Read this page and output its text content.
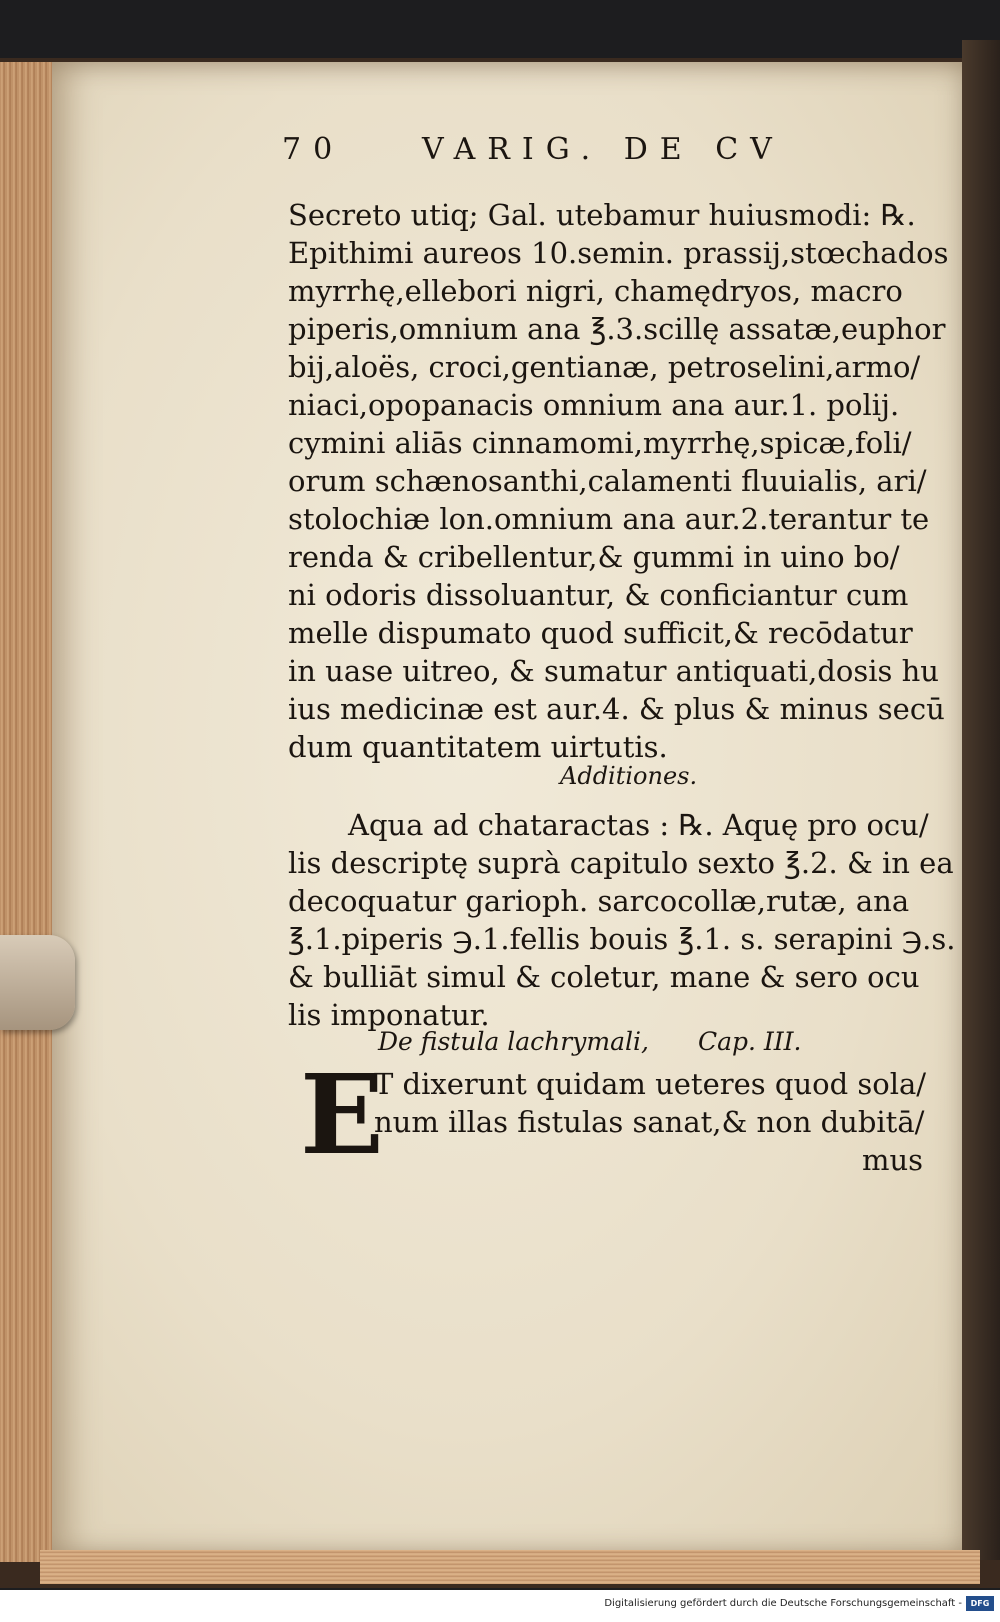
70	VARIG. DE CV
Secreto utiq; Gal. utebamur huiusmodi: ℞.
Epithimi aureos 10.semin. prassij,stœchados
myrrhę,ellebori nigri, chamędryos, macro
piperis,omnium ana ℥.3.scillę assatæ,euphor
bij,aloës, croci,gentianæ, petroselini,armo/
niaci,opopanacis omnium ana aur.1. polij.
cymini aliās cinnamomi,myrrhę,spicæ,foli/
orum schænosanthi,calamenti fluuialis, ari/
stolochiæ lon.omnium ana aur.2.terantur te
renda & cribellentur,& gummi in uino bo/
ni odoris dissoluantur, & conficiantur cum
melle dispumato quod sufficit,& recōdatur
in uase uitreo, & sumatur antiquati,dosis hu
ius medicinæ est aur.4. & plus & minus secū
dum quantitatem uirtutis.
Additiones.
Aqua ad chataractas : ℞. Aquę pro ocu/
lis descriptę suprà capitulo sexto ℥.2. & in ea
decoquatur garioph. sarcocollæ,rutæ, ana
℥.1.piperis ℈.1.fellis bouis ℥.1. s. serapini ℈.s.
& bulliāt simul & coletur, mane & sero ocu
lis imponatur.
De fistula lachrymali, Cap. III.
E
T dixerunt quidam ueteres quod sola/
num illas fistulas sanat,& non dubitā/
mus
Digitalisierung gefördert durch die Deutsche Forschungsgemeinschaft -	DFG
